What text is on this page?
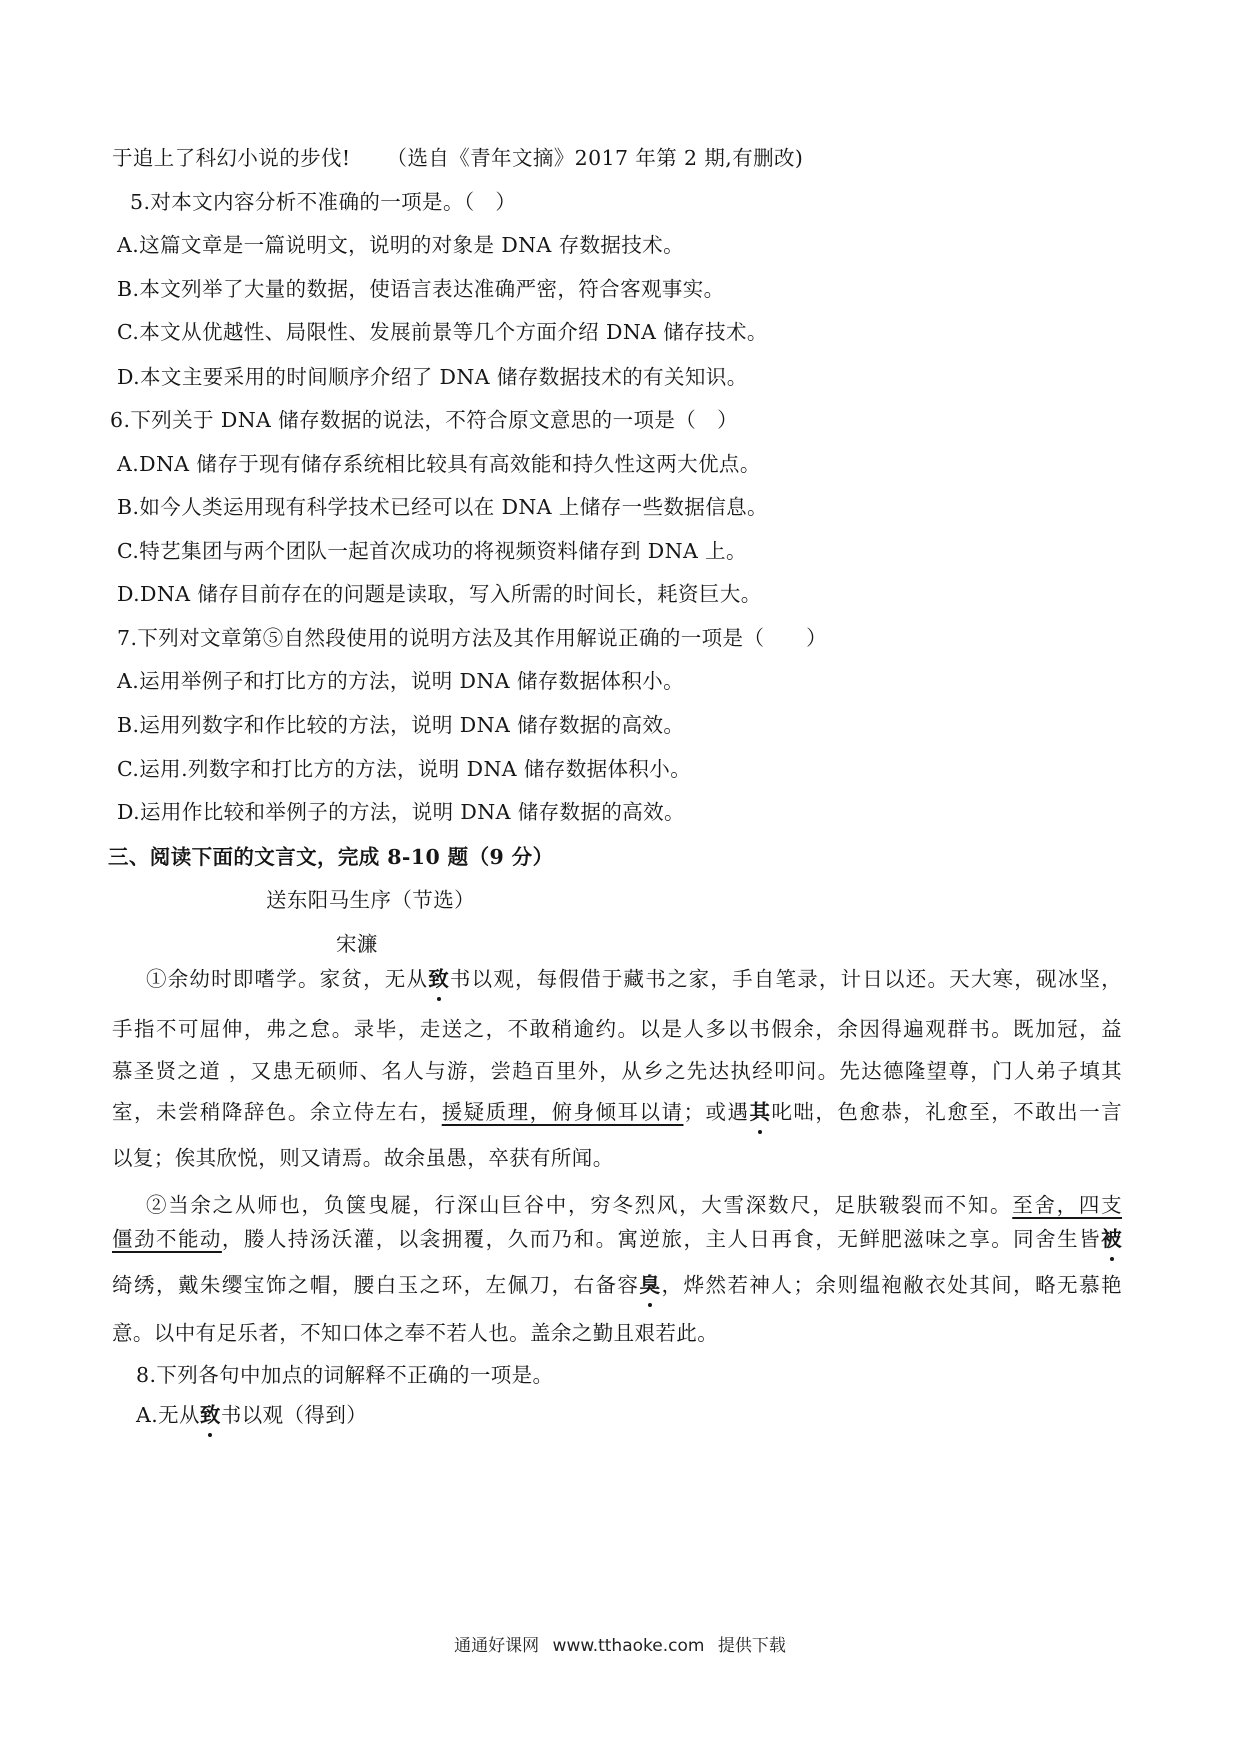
于追上了科幻小说的步伐! （选自《青年文摘》2017 年第 2 期,有删改)
5.对本文内容分析不准确的一项是。（　）
A.这篇文章是一篇说明文，说明的对象是 DNA 存数据技术。
B.本文列举了大量的数据，使语言表达准确严密，符合客观事实。
C.本文从优越性、局限性、发展前景等几个方面介绍 DNA 储存技术。
D.本文主要采用的时间顺序介绍了 DNA 储存数据技术的有关知识。
6.下列关于 DNA 储存数据的说法，不符合原文意思的一项是（　）
A.DNA 储存于现有储存系统相比较具有高效能和持久性这两大优点。
B.如今人类运用现有科学技术已经可以在 DNA 上储存一些数据信息。
C.特艺集团与两个团队一起首次成功的将视频资料储存到 DNA 上。
D.DNA 储存目前存在的问题是读取，写入所需的时间长，耗资巨大。
7.下列对文章第⑤自然段使用的说明方法及其作用解说正确的一项是（　　）
A.运用举例子和打比方的方法，说明 DNA 储存数据体积小。
B.运用列数字和作比较的方法，说明 DNA 储存数据的高效。
C.运用.列数字和打比方的方法，说明 DNA 储存数据体积小。
D.运用作比较和举例子的方法，说明 DNA 储存数据的高效。
三、阅读下面的文言文，完成 8-10 题（9 分）
送东阳马生序（节选）
宋濂
①余幼时即嗜学。家贫，无从致书以观，每假借于藏书之家，手自笔录，计日以还。天大寒，砚冰坚，
手指不可屈伸，弗之怠。录毕，走送之，不敢稍逾约。以是人多以书假余，余因得遍观群书。既加冠，益
慕圣贤之道 ，又患无硕师、名人与游，尝趋百里外，从乡之先达执经叩问。先达德隆望尊，门人弟子填其
室，未尝稍降辞色。余立侍左右，援疑质理，俯身倾耳以请；或遇其叱咄，色愈恭，礼愈至，不敢出一言
以复；俟其欣悦，则又请焉。故余虽愚，卒获有所闻。
②当余之从师也，负箧曳屣，行深山巨谷中，穷冬烈风，大雪深数尺，足肤皲裂而不知。至舍，四支
僵劲不能动，媵人持汤沃灌，以衾拥覆，久而乃和。寓逆旅，主人日再食，无鲜肥滋味之享。同舍生皆被
绮绣，戴朱缨宝饰之帽，腰白玉之环，左佩刀，右备容臭，烨然若神人；余则缊袍敝衣处其间，略无慕艳
意。以中有足乐者，不知口体之奉不若人也。盖余之勤且艰若此。
8.下列各句中加点的词解释不正确的一项是。
A.无从致书以观（得到）
通通好课网 www.tthaoke.com 提供下载
